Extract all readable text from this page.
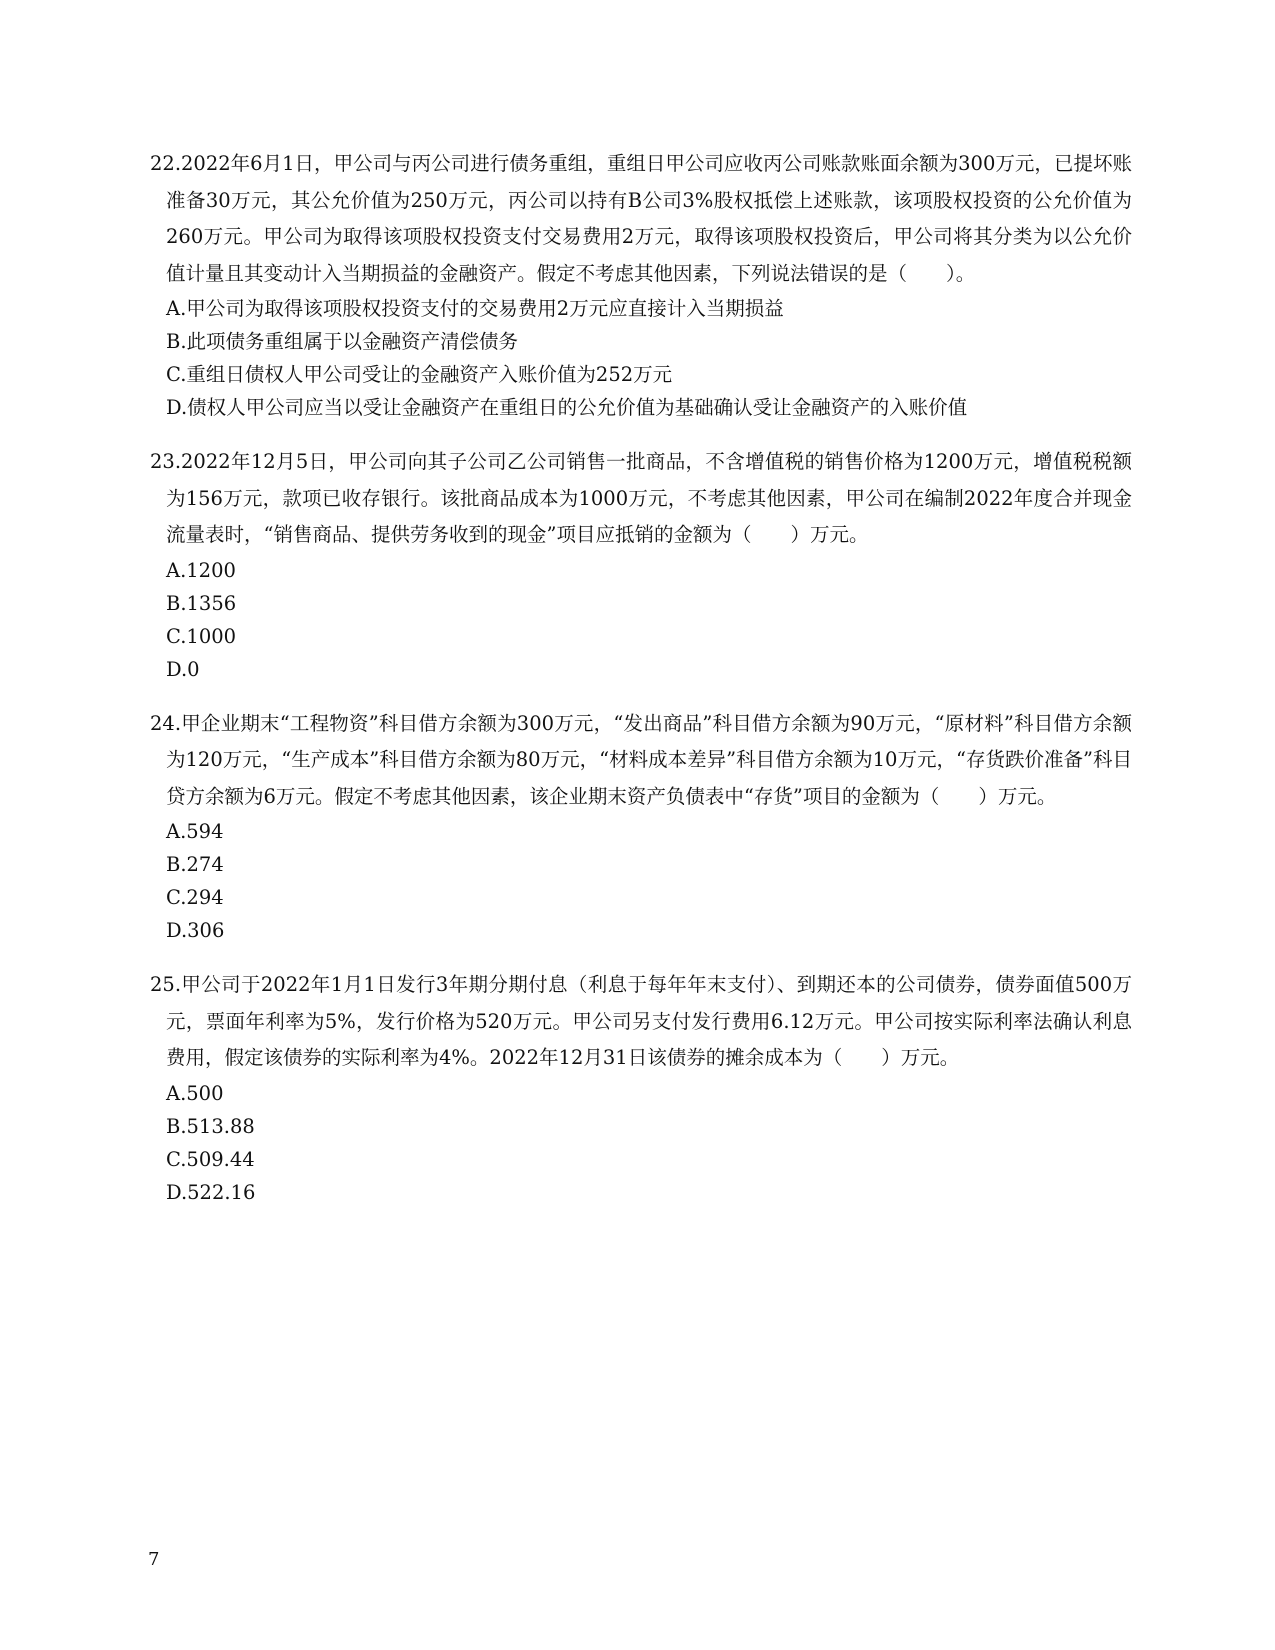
22.2022年6月1日，甲公司与丙公司进行债务重组，重组日甲公司应收丙公司账款账面余额为300万元，已提坏账准备30万元，其公允价值为250万元，丙公司以持有B公司3%股权抵偿上述账款，该项股权投资的公允价值为260万元。甲公司为取得该项股权投资支付交易费用2万元，取得该项股权投资后，甲公司将其分类为以公允价值计量且其变动计入当期损益的金融资产。假定不考虑其他因素，下列说法错误的是（　　）。

A.甲公司为取得该项股权投资支付的交易费用2万元应直接计入当期损益
B.此项债务重组属于以金融资产清偿债务
C.重组日债权人甲公司受让的金融资产入账价值为252万元
D.债权人甲公司应当以受让金融资产在重组日的公允价值为基础确认受让金融资产的入账价值

23.2022年12月5日，甲公司向其子公司乙公司销售一批商品，不含增值税的销售价格为1200万元，增值税税额为156万元，款项已收存银行。该批商品成本为1000万元，不考虑其他因素，甲公司在编制2022年度合并现金流量表时，“销售商品、提供劳务收到的现金”项目应抵销的金额为（　　）万元。

A.1200
B.1356
C.1000
D.0

24.甲企业期末“工程物资”科目借方余额为300万元，“发出商品”科目借方余额为90万元，“原材料”科目借方余额为120万元，“生产成本”科目借方余额为80万元，“材料成本差异”科目借方余额为10万元，“存货跌价准备”科目贷方余额为6万元。假定不考虑其他因素，该企业期末资产负债表中“存货”项目的金额为（　　）万元。

A.594
B.274
C.294
D.306

25.甲公司于2022年1月1日发行3年期分期付息（利息于每年年末支付）、到期还本的公司债券，债券面值500万元，票面年利率为5%，发行价格为520万元。甲公司另支付发行费用6.12万元。甲公司按实际利率法确认利息费用，假定该债券的实际利率为4%。2022年12月31日该债券的摊余成本为（　　）万元。

A.500
B.513.88
C.509.44
D.522.16
7
